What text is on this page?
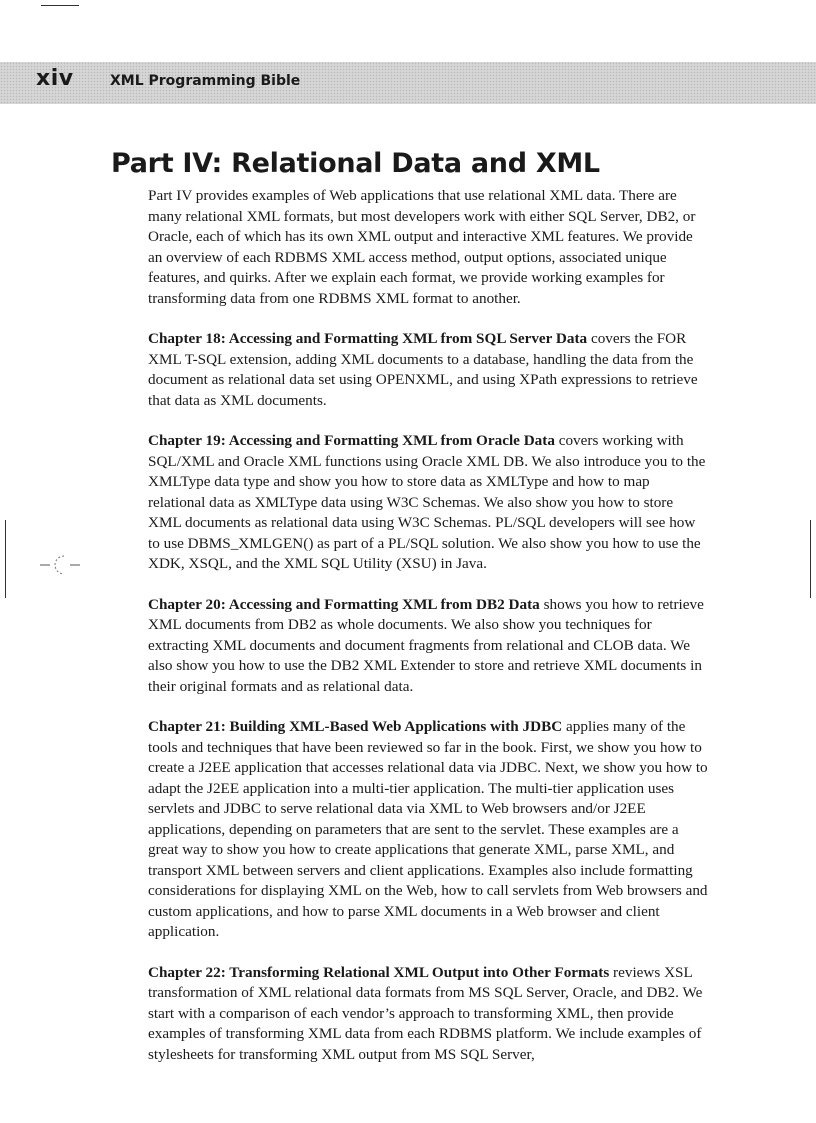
xiv	XML Programming Bible
Part IV: Relational Data and XML

Part IV provides examples of Web applications that use relational XML data. There are many relational XML formats, but most developers work with either SQL Server, DB2, or Oracle, each of which has its own XML output and interactive XML features. We provide an overview of each RDBMS XML access method, output options, associated unique features, and quirks. After we explain each format, we provide working examples for transforming data from one RDBMS XML format to another.

Chapter 18: Accessing and Formatting XML from SQL Server Data covers the FOR XML T-SQL extension, adding XML documents to a database, handling the data from the document as relational data set using OPENXML, and using XPath expressions to retrieve that data as XML documents.

Chapter 19: Accessing and Formatting XML from Oracle Data covers working with SQL/XML and Oracle XML functions using Oracle XML DB. We also introduce you to the XMLType data type and show you how to store data as XMLType and how to map relational data as XMLType data using W3C Schemas. We also show you how to store XML documents as relational data using W3C Schemas. PL/SQL developers will see how to use DBMS_XMLGEN() as part of a PL/SQL solution. We also show you how to use the XDK, XSQL, and the XML SQL Utility (XSU) in Java.

Chapter 20: Accessing and Formatting XML from DB2 Data shows you how to retrieve XML documents from DB2 as whole documents. We also show you techniques for extracting XML documents and document fragments from relational and CLOB data. We also show you how to use the DB2 XML Extender to store and retrieve XML documents in their original formats and as relational data.

Chapter 21: Building XML-Based Web Applications with JDBC applies many of the tools and techniques that have been reviewed so far in the book. First, we show you how to create a J2EE application that accesses relational data via JDBC. Next, we show you how to adapt the J2EE application into a multi-tier application. The multi-tier application uses servlets and JDBC to serve relational data via XML to Web browsers and/or J2EE applications, depending on parameters that are sent to the servlet. These examples are a great way to show you how to create applications that generate XML, parse XML, and transport XML between servers and client applications. Examples also include formatting considerations for displaying XML on the Web, how to call servlets from Web browsers and custom applications, and how to parse XML documents in a Web browser and client application.

Chapter 22: Transforming Relational XML Output into Other Formats reviews XSL transformation of XML relational data formats from MS SQL Server, Oracle, and DB2. We start with a comparison of each vendor’s approach to transforming XML, then provide examples of transforming XML data from each RDBMS platform. We include examples of stylesheets for transforming XML output from MS SQL Server,
